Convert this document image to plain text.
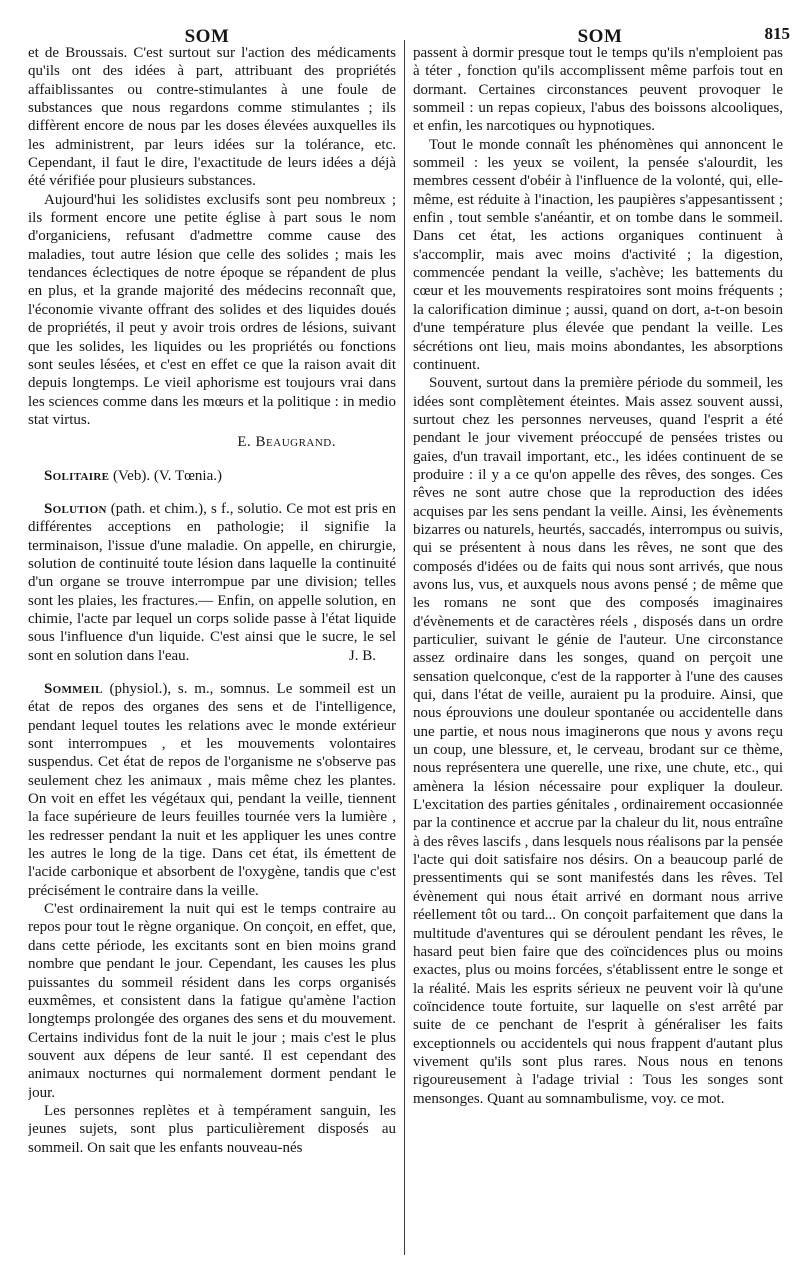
SOM	SOM	815

et de Broussais. C'est surtout sur l'action des médicaments qu'ils ont des idées à part, attribuant des propriétés affaiblissantes ou contre-stimulantes à une foule de substances que nous regardons comme stimulantes ; ils diffèrent encore de nous par les doses élevées auxquelles ils les administrent, par leurs idées sur la tolérance, etc. Cependant, il faut le dire, l'exactitude de leurs idées a déjà été vérifiée pour plusieurs substances.

Aujourd'hui les solidistes exclusifs sont peu nombreux ; ils forment encore une petite église à part sous le nom d'organiciens, refusant d'admettre comme cause des maladies, tout autre lésion que celle des solides ; mais les tendances éclectiques de notre époque se répandent de plus en plus, et la grande majorité des médecins reconnaît que, l'économie vivante offrant des solides et des liquides doués de propriétés, il peut y avoir trois ordres de lésions, suivant que les solides, les liquides ou les propriétés ou fonctions sont seules lésées, et c'est en effet ce que la raison avait dit depuis longtemps. Le vieil aphorisme est toujours vrai dans les sciences comme dans les mœurs et la politique : in medio stat virtus.

E. Beaugrand.

Solitaire (Veb). (V. Tœnia.)

Solution (path. et chim.), s f., solutio. Ce mot est pris en différentes acceptions en pathologie; il signifie la terminaison, l'issue d'une maladie. On appelle, en chirurgie, solution de continuité toute lésion dans laquelle la continuité d'un organe se trouve interrompue par une division; telles sont les plaies, les fractures.— Enfin, on appelle solution, en chimie, l'acte par lequel un corps solide passe à l'état liquide sous l'influence d'un liquide. C'est ainsi que le sucre, le sel sont en solution dans l'eau.	J. B.

Sommeil (physiol.), s. m., somnus. Le sommeil est un état de repos des organes des sens et de l'intelligence, pendant lequel toutes les relations avec le monde extérieur sont interrompues , et les mouvements volontaires suspendus. Cet état de repos de l'organisme ne s'observe pas seulement chez les animaux , mais même chez les plantes. On voit en effet les végétaux qui, pendant la veille, tiennent la face supérieure de leurs feuilles tournée vers la lumière , les redresser pendant la nuit et les appliquer les unes contre les autres le long de la tige. Dans cet état, ils émettent de l'acide carbonique et absorbent de l'oxygène, tandis que c'est précisément le contraire dans la veille.

C'est ordinairement la nuit qui est le temps contraire au repos pour tout le règne organique. On conçoit, en effet, que, dans cette période, les excitants sont en bien moins grand nombre que pendant le jour. Cependant, les causes les plus puissantes du sommeil résident dans les corps organisés euxmêmes, et consistent dans la fatigue qu'amène l'action longtemps prolongée des organes des sens et du mouvement. Certains individus font de la nuit le jour ; mais c'est le plus souvent aux dépens de leur santé. Il est cependant des animaux nocturnes qui normalement dorment pendant le jour.

Les personnes replètes et à tempérament sanguin, les jeunes sujets, sont plus particulièrement disposés au sommeil. On sait que les enfants nouveau-nés

passent à dormir presque tout le temps qu'ils n'emploient pas à téter , fonction qu'ils accomplissent même parfois tout en dormant. Certaines circonstances peuvent provoquer le sommeil : un repas copieux, l'abus des boissons alcooliques, et enfin, les narcotiques ou hypnotiques.

Tout le monde connaît les phénomènes qui annoncent le sommeil : les yeux se voilent, la pensée s'alourdit, les membres cessent d'obéir à l'influence de la volonté, qui, elle-même, est réduite à l'inaction, les paupières s'appesantissent ; enfin , tout semble s'anéantir, et on tombe dans le sommeil. Dans cet état, les actions organiques continuent à s'accomplir, mais avec moins d'activité ; la digestion, commencée pendant la veille, s'achève; les battements du cœur et les mouvements respiratoires sont moins fréquents ; la calorification diminue ; aussi, quand on dort, a-t-on besoin d'une température plus élevée que pendant la veille. Les sécrétions ont lieu, mais moins abondantes, les absorptions continuent.

Souvent, surtout dans la première période du sommeil, les idées sont complètement éteintes. Mais assez souvent aussi, surtout chez les personnes nerveuses, quand l'esprit a été pendant le jour vivement préoccupé de pensées tristes ou gaies, d'un travail important, etc., les idées continuent de se produire : il y a ce qu'on appelle des rêves, des songes. Ces rêves ne sont autre chose que la reproduction des idées acquises par les sens pendant la veille. Ainsi, les évènements bizarres ou naturels, heurtés, saccadés, interrompus ou suivis, qui se présentent à nous dans les rêves, ne sont que des composés d'idées ou de faits qui nous sont arrivés, que nous avons lus, vus, et auxquels nous avons pensé ; de même que les romans ne sont que des composés imaginaires d'évènements et de caractères réels , disposés dans un ordre particulier, suivant le génie de l'auteur. Une circonstance assez ordinaire dans les songes, quand on perçoit une sensation quelconque, c'est de la rapporter à l'une des causes qui, dans l'état de veille, auraient pu la produire. Ainsi, que nous éprouvions une douleur spontanée ou accidentelle dans une partie, et nous nous imaginerons que nous y avons reçu un coup, une blessure, et, le cerveau, brodant sur ce thème, nous représentera une querelle, une rixe, une chute, etc., qui amènera la lésion nécessaire pour expliquer la douleur. L'excitation des parties génitales , ordinairement occasionnée par la continence et accrue par la chaleur du lit, nous entraîne à des rêves lascifs , dans lesquels nous réalisons par la pensée l'acte qui doit satisfaire nos désirs. On a beaucoup parlé de pressentiments qui se sont manifestés dans les rêves. Tel évènement qui nous était arrivé en dormant nous arrive réellement tôt ou tard... On conçoit parfaitement que dans la multitude d'aventures qui se déroulent pendant les rêves, le hasard peut bien faire que des coïncidences plus ou moins exactes, plus ou moins forcées, s'établissent entre le songe et la réalité. Mais les esprits sérieux ne peuvent voir là qu'une coïncidence toute fortuite, sur laquelle on s'est arrêté par suite de ce penchant de l'esprit à généraliser les faits exceptionnels ou accidentels qui nous frappent d'autant plus vivement qu'ils sont plus rares. Nous nous en tenons rigoureusement à l'adage trivial : Tous les songes sont mensonges. Quant au somnambulisme, voy. ce mot.
